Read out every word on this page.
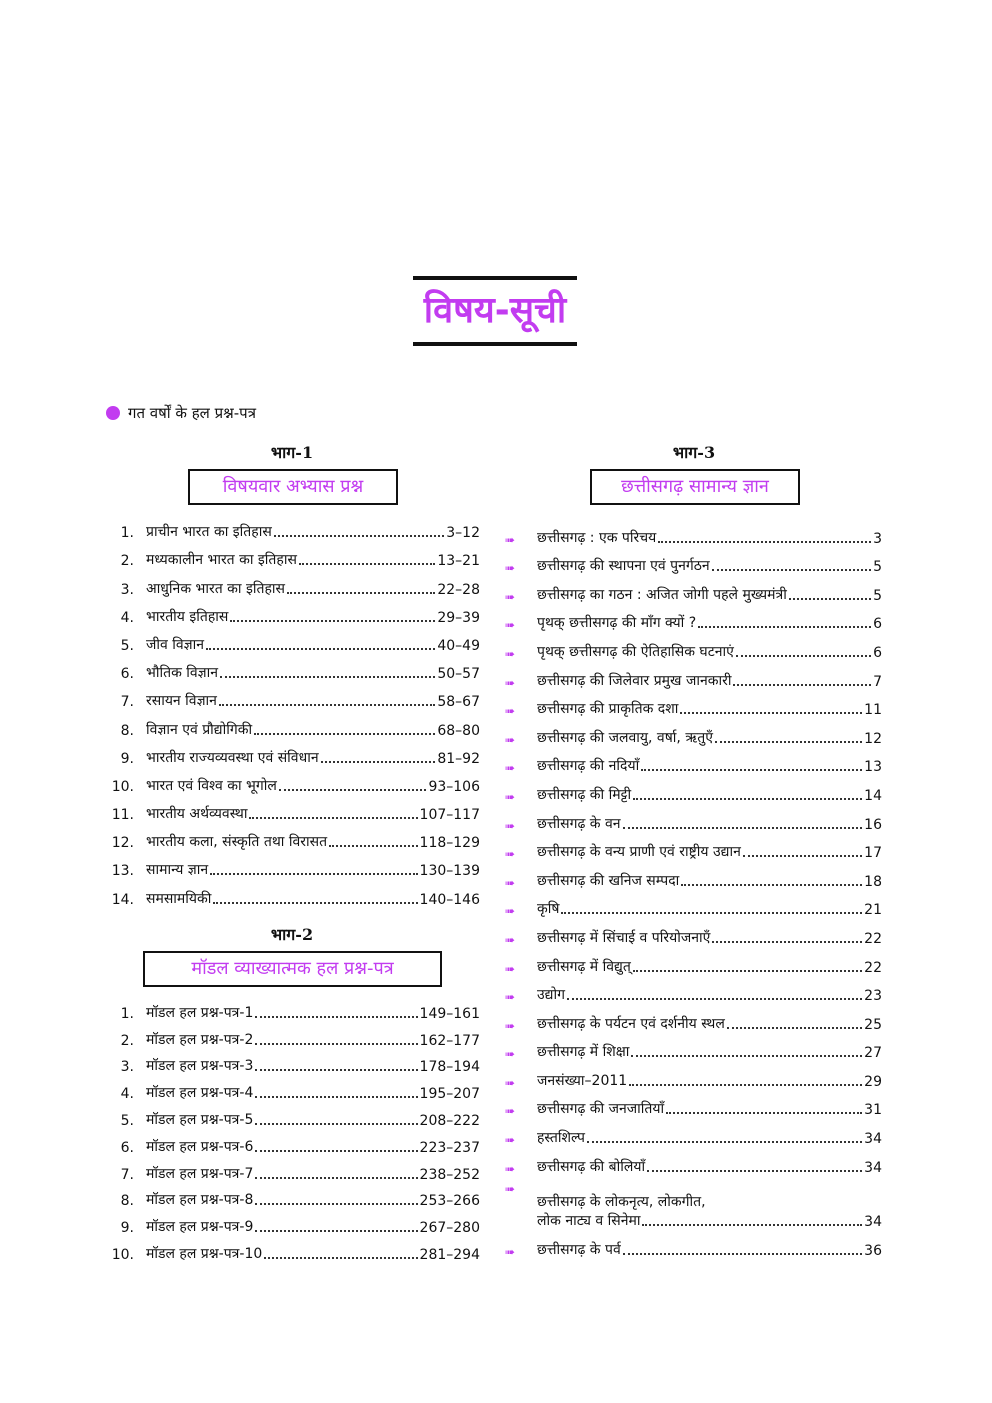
विषय-सूची
गत वर्षों के हल प्रश्न-पत्र
भाग-1
विषयवार अभ्यास प्रश्न
1. प्राचीन भारत का इतिहास	3–12
2. मध्यकालीन भारत का इतिहास	13–21
3. आधुनिक भारत का इतिहास	22–28
4. भारतीय इतिहास	29–39
5. जीव विज्ञान	40–49
6. भौतिक विज्ञान	50–57
7. रसायन विज्ञान	58–67
8. विज्ञान एवं प्रौद्योगिकी	68–80
9. भारतीय राज्यव्यवस्था एवं संविधान	81–92
10. भारत एवं विश्व का भूगोल	93–106
11. भारतीय अर्थव्यवस्था	107–117
12. भारतीय कला, संस्कृति तथा विरासत	118–129
13. सामान्य ज्ञान	130–139
14. समसामयिकी	140–146
भाग-2
मॉडल व्याख्यात्मक हल प्रश्न-पत्र
1. मॉडल हल प्रश्न-पत्र-1	149–161
2. मॉडल हल प्रश्न-पत्र-2	162–177
3. मॉडल हल प्रश्न-पत्र-3	178–194
4. मॉडल हल प्रश्न-पत्र-4	195–207
5. मॉडल हल प्रश्न-पत्र-5	208–222
6. मॉडल हल प्रश्न-पत्र-6	223–237
7. मॉडल हल प्रश्न-पत्र-7	238–252
8. मॉडल हल प्रश्न-पत्र-8	253–266
9. मॉडल हल प्रश्न-पत्र-9	267–280
10. मॉडल हल प्रश्न-पत्र-10	281–294
भाग-3
छत्तीसगढ़ सामान्य ज्ञान
➠	छत्तीसगढ़ : एक परिचय	3
➠	छत्तीसगढ़ की स्थापना एवं पुनर्गठन	5
➠	छत्तीसगढ़ का गठन : अजित जोगी पहले मुख्यमंत्री	5
➠	पृथक् छत्तीसगढ़ की माँग क्यों ?	6
➠	पृथक् छत्तीसगढ़ की ऐतिहासिक घटनाएं	6
➠	छत्तीसगढ़ की जिलेवार प्रमुख जानकारी	7
➠	छत्तीसगढ़ की प्राकृतिक दशा	11
➠	छत्तीसगढ़ की जलवायु, वर्षा, ऋतुएँ	12
➠	छत्तीसगढ़ की नदियाँ	13
➠	छत्तीसगढ़ की मिट्टी	14
➠	छत्तीसगढ़ के वन	16
➠	छत्तीसगढ़ के वन्य प्राणी एवं राष्ट्रीय उद्यान	17
➠	छत्तीसगढ़ की खनिज सम्पदा	18
➠	कृषि	21
➠	छत्तीसगढ़ में सिंचाई व परियोजनाएँ	22
➠	छत्तीसगढ़ में विद्युत्	22
➠	उद्योग	23
➠	छत्तीसगढ़ के पर्यटन एवं दर्शनीय स्थल	25
➠	छत्तीसगढ़ में शिक्षा	27
➠	जनसंख्या–2011	29
➠	छत्तीसगढ़ की जनजातियाँ	31
➠	हस्तशिल्प	34
➠	छत्तीसगढ़ की बोलियाँ	34
➠
छत्तीसगढ़ के लोकनृत्य, लोकगीत,
लोक नाट्य व सिनेमा	34
➠	छत्तीसगढ़ के पर्व	36
